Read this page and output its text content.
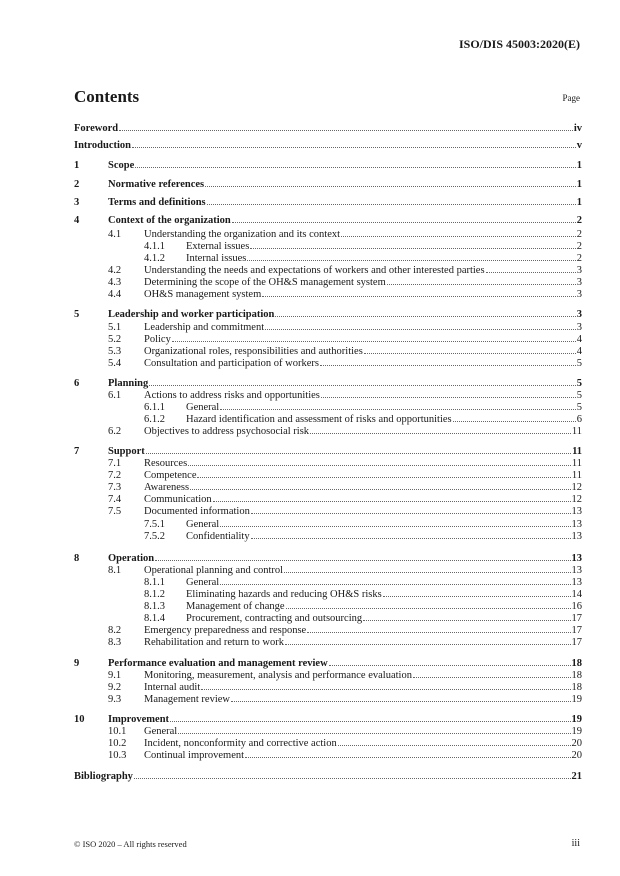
ISO/DIS 45003:2020(E)
Contents	Page
Foreword	iv
Introduction	v
1	Scope	1
2	Normative references	1
3	Terms and definitions	1
4	Context of the organization	2
4.1 Understanding the organization and its context	2
4.1.1 External issues	2
4.1.2 Internal issues	2
4.2 Understanding the needs and expectations of workers and other interested parties	3
4.3 Determining the scope of the OH&S management system	3
4.4 OH&S management system	3
5	Leadership and worker participation	3
5.1 Leadership and commitment	3
5.2 Policy	4
5.3 Organizational roles, responsibilities and authorities	4
5.4 Consultation and participation of workers	5
6	Planning	5
6.1 Actions to address risks and opportunities	5
6.1.1 General	5
6.1.2 Hazard identification and assessment of risks and opportunities	6
6.2 Objectives to address psychosocial risk	11
7	Support	11
7.1 Resources	11
7.2 Competence	11
7.3 Awareness	12
7.4 Communication	12
7.5 Documented information	13
7.5.1 General	13
7.5.2 Confidentiality	13
8	Operation	13
8.1 Operational planning and control	13
8.1.1 General	13
8.1.2 Eliminating hazards and reducing OH&S risks	14
8.1.3 Management of change	16
8.1.4 Procurement, contracting and outsourcing	17
8.2 Emergency preparedness and response	17
8.3 Rehabilitation and return to work	17
9	Performance evaluation and management review	18
9.1 Monitoring, measurement, analysis and performance evaluation	18
9.2 Internal audit	18
9.3 Management review	19
10 Improvement	19
10.1 General	19
10.2 Incident, nonconformity and corrective action	20
10.3 Continual improvement	20
Bibliography	21
© ISO 2020 – All rights reserved	iii
